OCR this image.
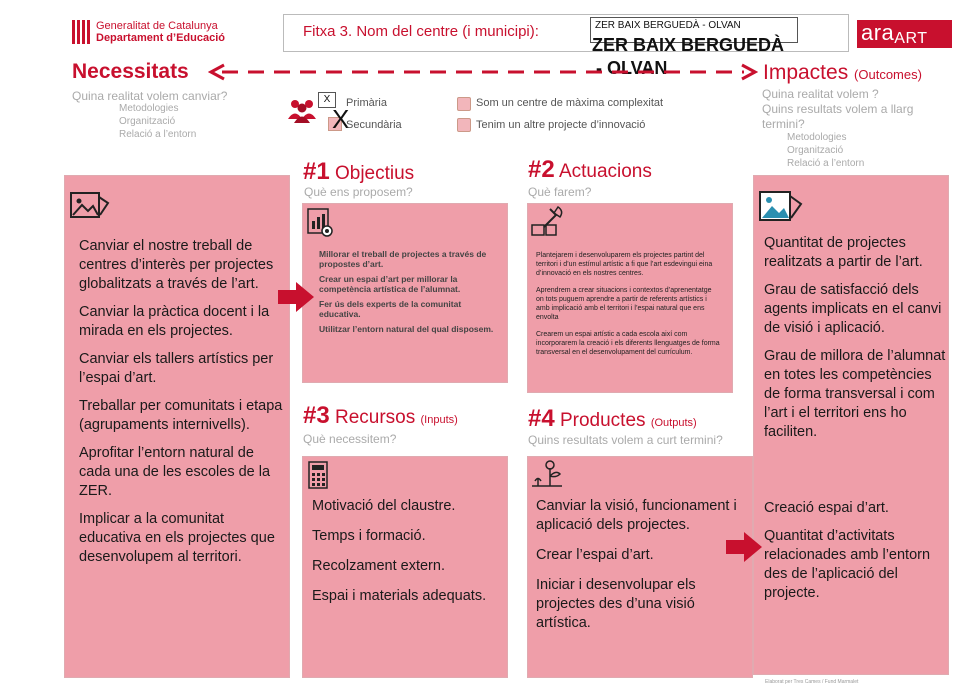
Generalitat de Catalunya
Departament d’Educació	Fitxa 3. Nom del centre (i municipi):	ZER BAIX BERGUEDÀ - OLVAN
ZER BAIX BERGUEDÀ
- OLVAN
araART
Necessitats
Quina realitat volem canviar?
Metodologies
Organització
Relació a l’entorn
Impactes (Outcomes)
Quina realitat volem ?
Quins resultats volem a llarg
termini?
Metodologies
Organització
Relació a l’entorn
X	Primària
X
Secundària
Som un centre de màxima complexitat
Tenim un altre projecte d’innovació

Canviar el nostre treball de centres d’interès per projectes globalitzats a través de l’art.

Canviar la pràctica docent i la mirada en els projectes.

Canviar els tallers artístics per l’espai d’art.

Treballar per comunitats i etapa (agrupaments internivells).

Aprofitar l’entorn natural de cada una de les escoles de la ZER.

Implicar a la comunitat educativa en els projectes que desenvolupem al territori.

#1 Objectius
Què ens proposem?

Millorar el treball de projectes a través de propostes d’art.

Crear un espai d’art per millorar la competència artística de l’alumnat.

Fer ús dels experts de la comunitat educativa.

Utilitzar l’entorn natural del qual disposem.

#2 Actuacions
Què farem?

Plantejarem i desenvoluparem els projectes partint del territori i d’un estímul artístic a fi que l’art esdevingui eina d’innovació en els nostres centres.

Aprendrem a crear situacions i contextos d’aprenentatge on tots puguem aprendre a partir de referents artístics i amb implicació amb el territori i l’espai natural que ens envolta

Crearem un espai artístic a cada escola així com incorporarem la creació i els diferents llenguatges de forma transversal en el desenvolupament del currículum.

#3 Recursos (Inputs)
Què necessitem?

Motivació del claustre.

Temps i formació.

Recolzament extern.

Espai i materials adequats.

#4 Productes (Outputs)
Quins resultats volem a curt termini?

Canviar la visió, funcionament i aplicació dels projectes.

Crear l’espai d’art.

Iniciar i desenvolupar els projectes des d’una visió artística.

Quantitat de projectes realitzats a partir de l’art.

Grau de satisfacció dels agents implicats en el canvi de visió i aplicació.

Grau de millora de l’alumnat en totes les competències de forma transversal i com l’art i el territori ens ho faciliten.

Creació espai d’art.

Quantitat d’activitats relacionades amb l’entorn des de l’aplicació del projecte.

Elaborat per Tres Cames / Fund Marmalet
